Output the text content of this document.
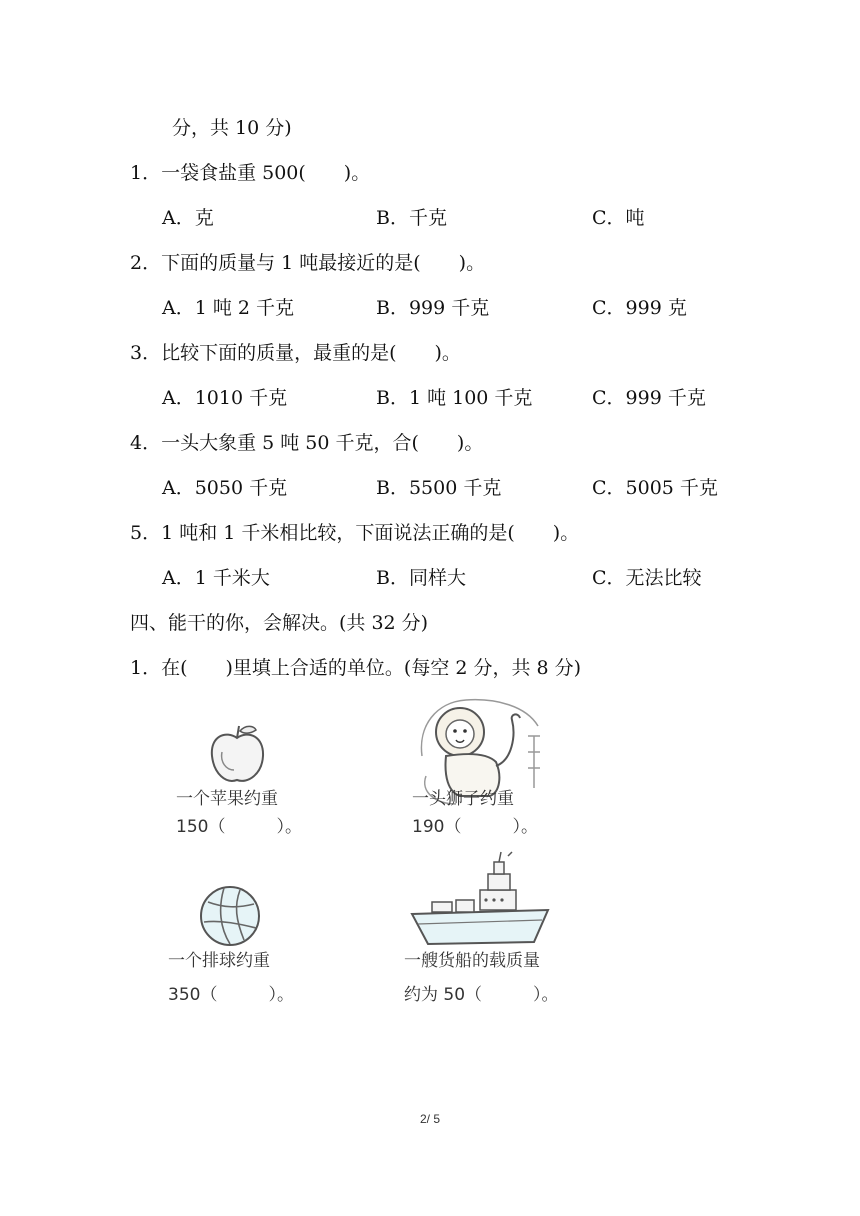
分，共 10 分)
1．一袋食盐重 500(　　)。
A．克	B．千克	C．吨
2．下面的质量与 1 吨最接近的是(　　)。
A．1 吨 2 千克	B．999 千克	C．999 克
3．比较下面的质量，最重的是(　　)。
A．1010 千克	B．1 吨 100 千克	C．999 千克
4．一头大象重 5 吨 50 千克，合(　　)。
A．5050 千克	B．5500 千克	C．5005 千克
5．1 吨和 1 千米相比较，下面说法正确的是(　　)。
A．1 千米大	B．同样大	C．无法比较
四、能干的你，会解决。(共 32 分)
1．在(　　)里填上合适的单位。(每空 2 分，共 8 分)
一个苹果约重
150（　　　）。
一头狮子约重
190（　　　）。
一个排球约重
350（　　　）。
一艘货船的载质量
约为 50（　　　）。
2/ 5
